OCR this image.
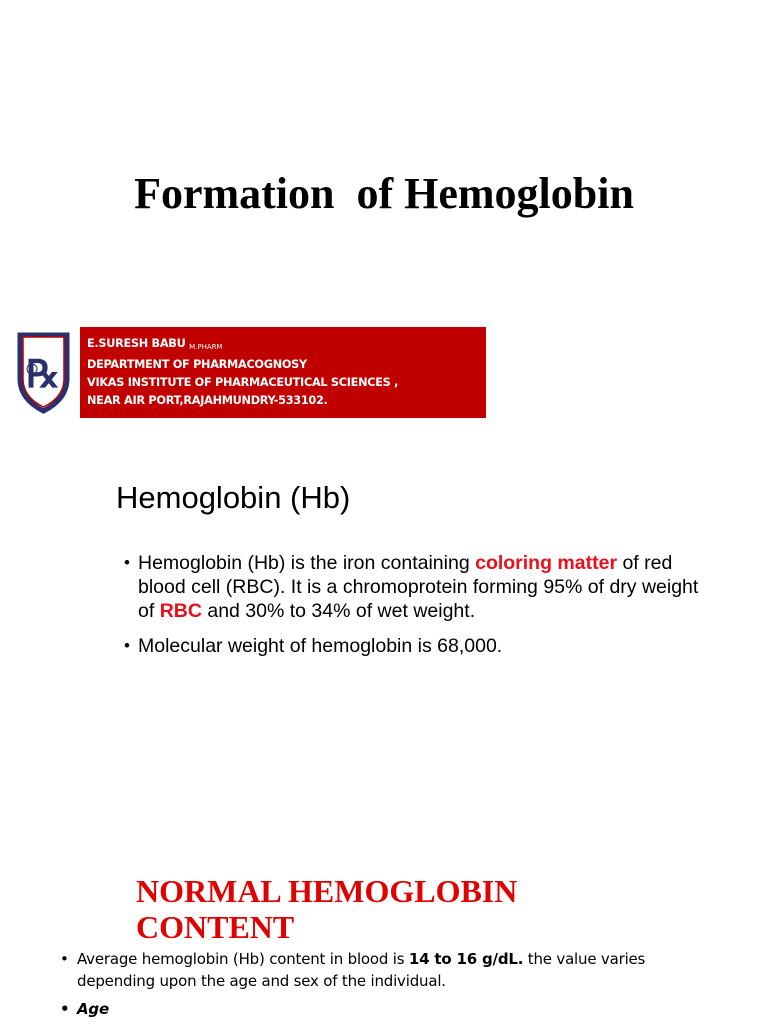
Formation  of Hemoglobin
℞
E.SURESH BABU $_{M.PHARM}$
DEPARTMENT OF PHARMACOGNOSY
VIKAS INSTITUTE OF PHARMACEUTICAL SCIENCES ,
NEAR AIR PORT,RAJAHMUNDRY-533102.
Hemoglobin (Hb)
• Hemoglobin (Hb) is the iron containing coloring matter of red blood cell (RBC). It is a chromoprotein forming 95% of dry weight of RBC and 30% to 34% of wet weight.
• Molecular weight of hemoglobin is 68,000.
NORMAL HEMOGLOBIN CONTENT
• Average hemoglobin (Hb) content in blood is 14 to 16 g/dL. the value varies depending upon the age and sex of the individual.
• Age
